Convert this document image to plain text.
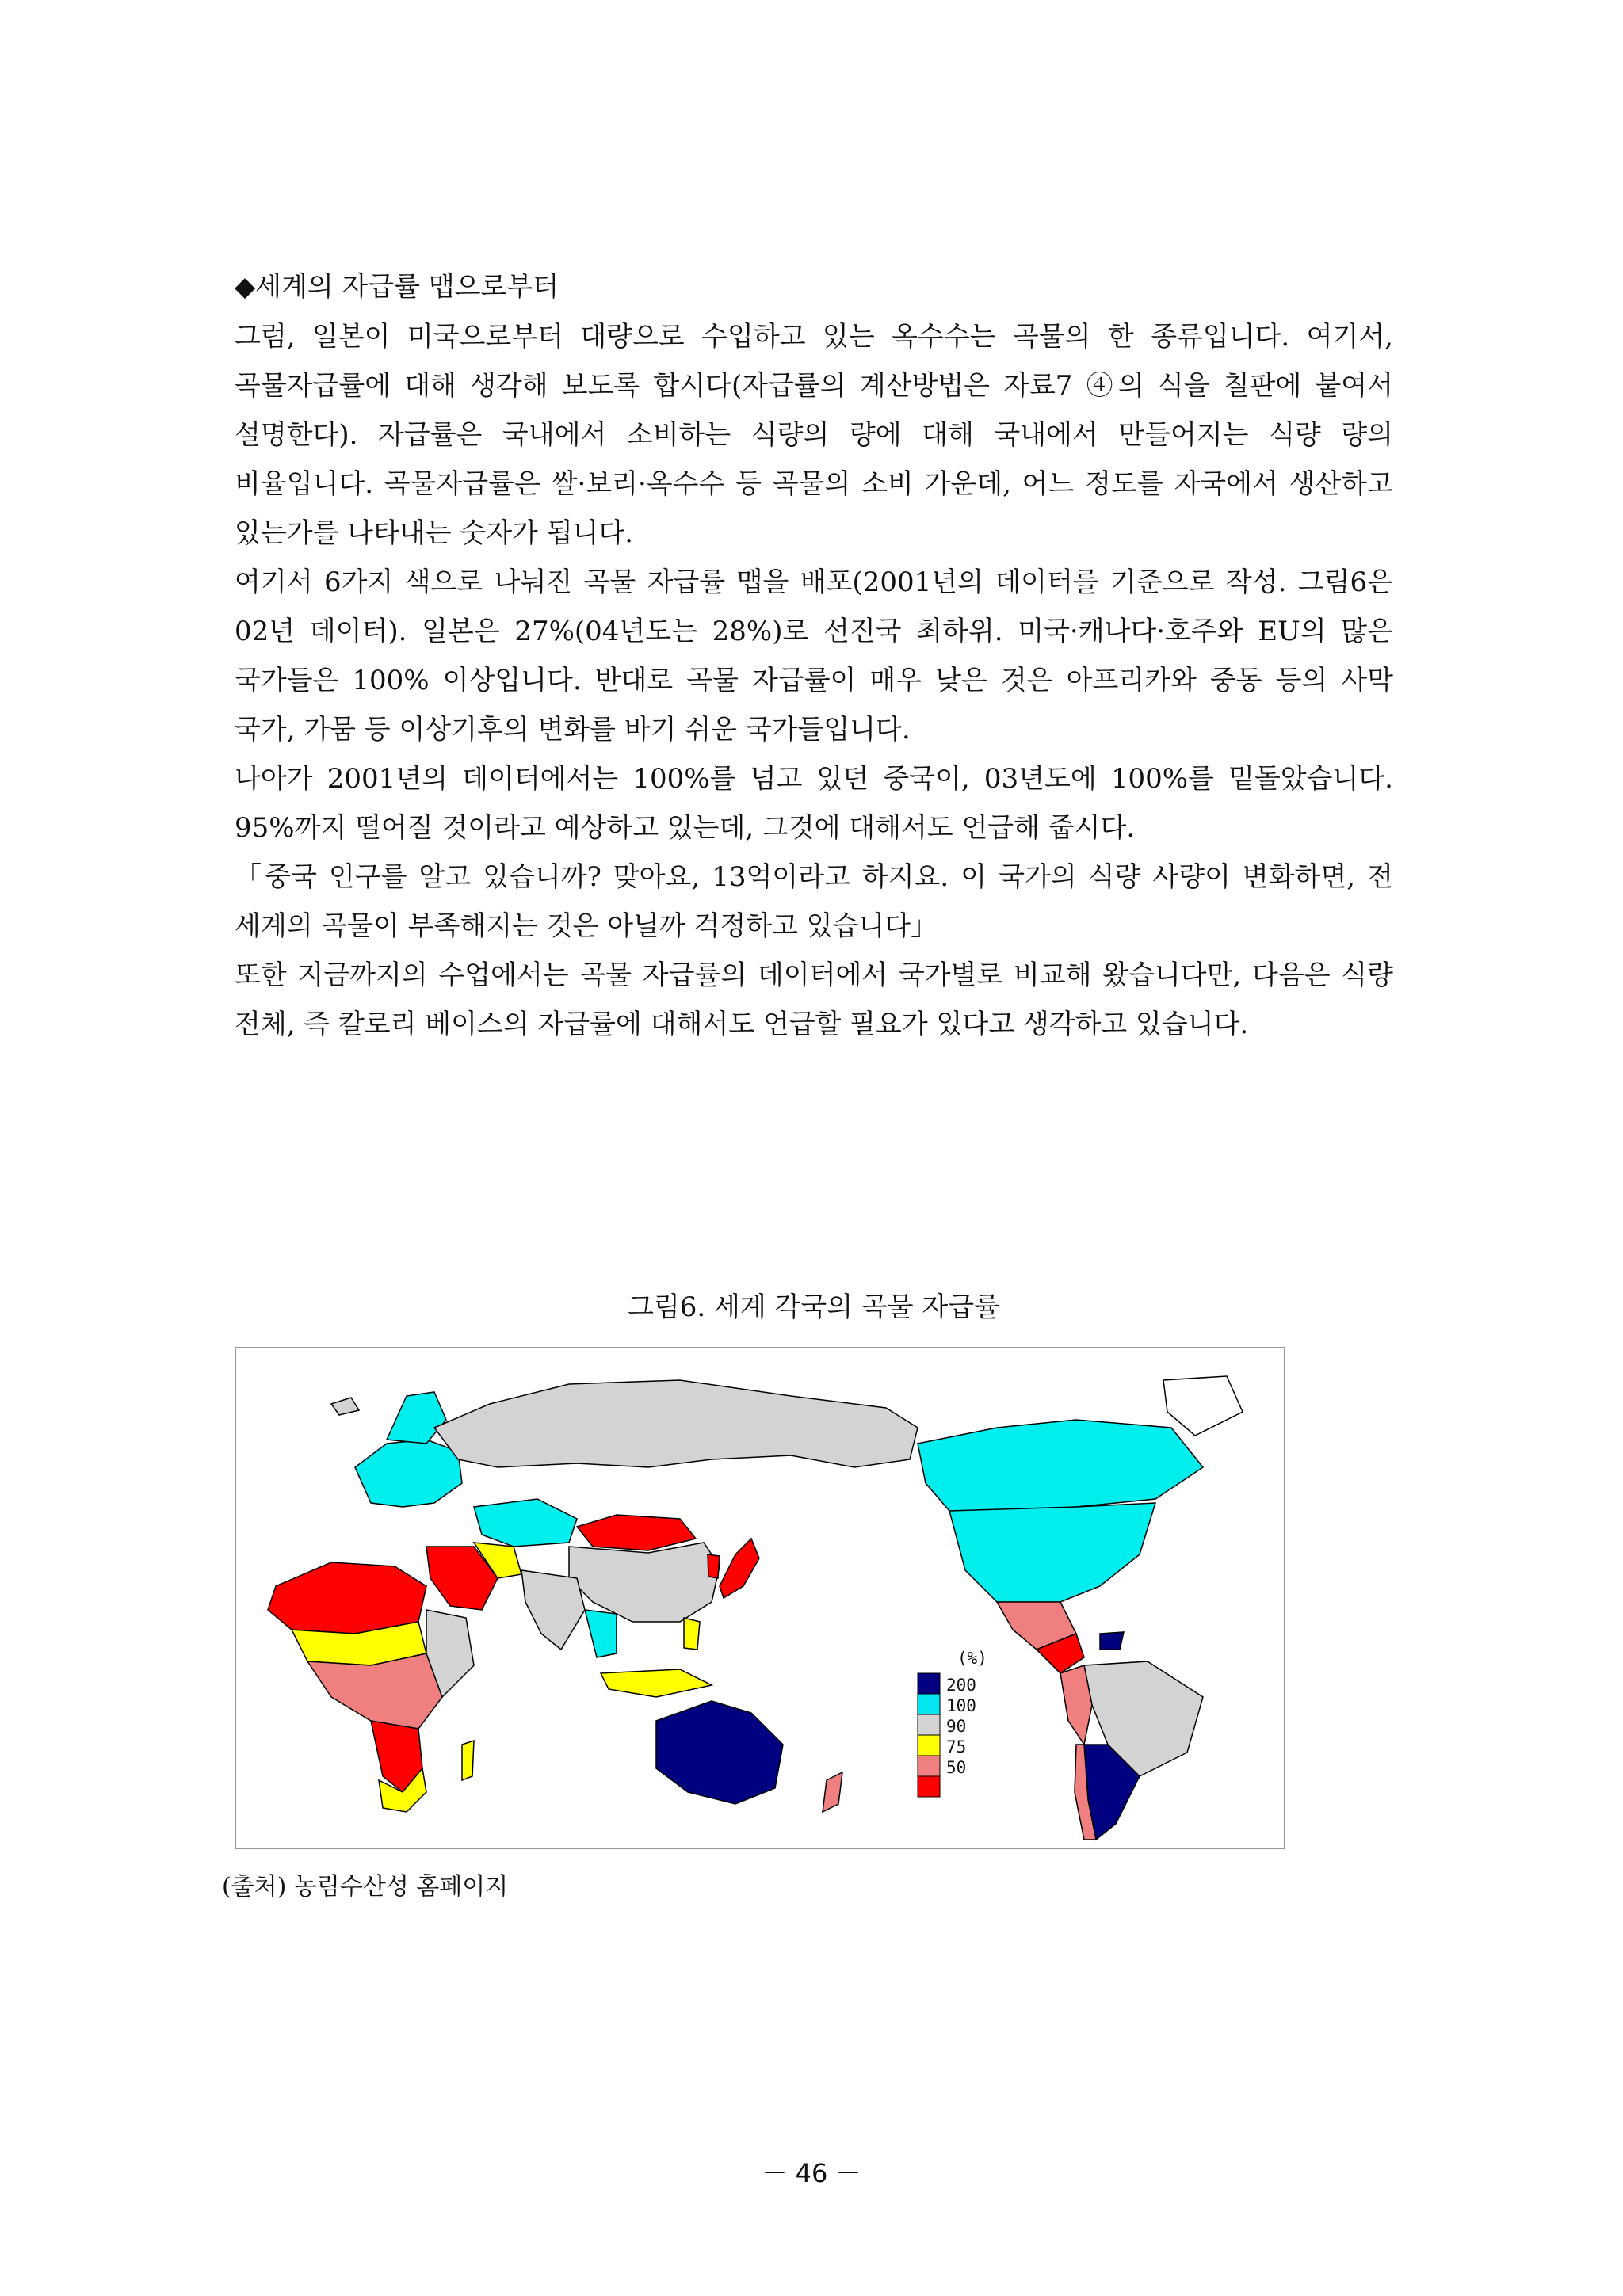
◆세계의 자급률 맵으로부터
그럼, 일본이 미국으로부터 대량으로 수입하고 있는 옥수수는 곡물의 한 종류입니다. 여기서, 곡물자급률에 대해 생각해 보도록 합시다(자급률의 계산방법은 자료7 ④의 식을 칠판에 붙여서 설명한다). 자급률은 국내에서 소비하는 식량의 량에 대해 국내에서 만들어지는 식량 량의 비율입니다. 곡물자급률은 쌀·보리·옥수수 등 곡물의 소비 가운데, 어느 정도를 자국에서 생산하고 있는가를 나타내는 숫자가 됩니다.
여기서 6가지 색으로 나눠진 곡물 자급률 맵을 배포(2001년의 데이터를 기준으로 작성. 그림6은 02년 데이터). 일본은 27%(04년도는 28%)로 선진국 최하위. 미국·캐나다·호주와 EU의 많은 국가들은 100% 이상입니다. 반대로 곡물 자급률이 매우 낮은 것은 아프리카와 중동 등의 사막 국가, 가뭄 등 이상기후의 변화를 바기 쉬운 국가들입니다.
나아가 2001년의 데이터에서는 100%를 넘고 있던 중국이, 03년도에 100%를 밑돌았습니다. 95%까지 떨어질 것이라고 예상하고 있는데, 그것에 대해서도 언급해 줍시다.
「중국 인구를 알고 있습니까? 맞아요, 13억이라고 하지요. 이 국가의 식량 사량이 변화하면, 전 세계의 곡물이 부족해지는 것은 아닐까 걱정하고 있습니다」
또한 지금까지의 수업에서는 곡물 자급률의 데이터에서 국가별로 비교해 왔습니다만, 다음은 식량 전체, 즉 칼로리 베이스의 자급률에 대해서도 언급할 필요가 있다고 생각하고 있습니다.
그림6. 세계 각국의 곡물 자급률
(%)
200
100
90
75
50
(출처) 농림수산성 홈페이지
－ 46 －
